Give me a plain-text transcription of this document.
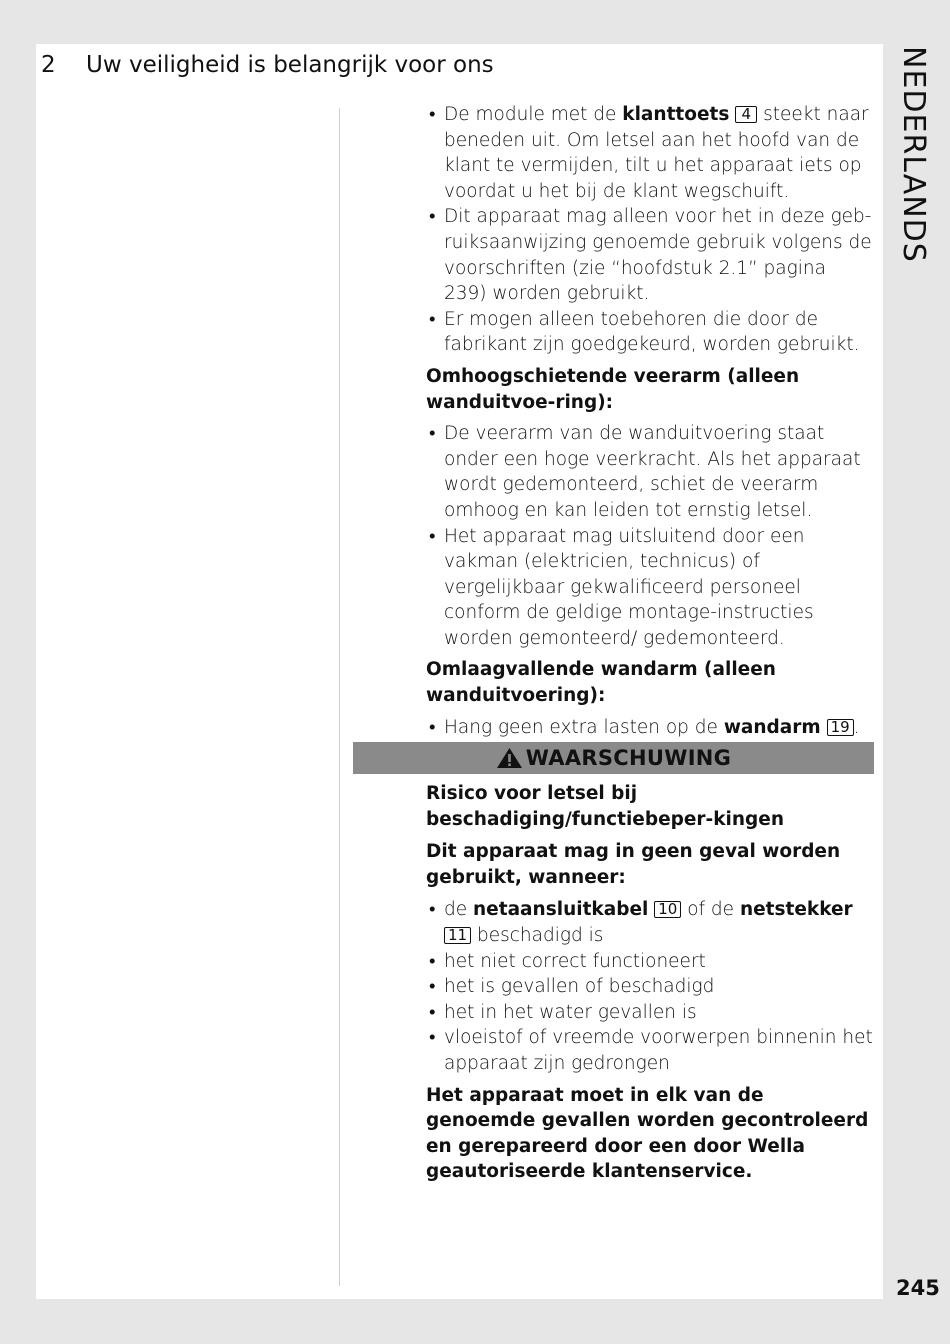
2 Uw veiligheid is belangrijk voor ons	NEDERLANDS
245
• De module met de klanttoets 4 steekt naar beneden uit. Om letsel aan het hoofd van de klant te vermijden, tilt u het apparaat iets op voordat u het bij de klant wegschuift.
• Dit apparaat mag alleen voor het in deze geb-ruiksaanwijzing genoemde gebruik volgens de voorschriften (zie “hoofdstuk 2.1” pagina 239) worden gebruikt.
• Er mogen alleen toebehoren die door de fabrikant zijn goedgekeurd, worden gebruikt.
Omhoogschietende veerarm (alleen wanduitvoe-ring):
• De veerarm van de wanduitvoering staat onder een hoge veerkracht. Als het apparaat wordt gedemonteerd, schiet de veerarm omhoog en kan leiden tot ernstig letsel.
• Het apparaat mag uitsluitend door een vakman (elektricien, technicus) of vergelijkbaar gekwalificeerd personeel conform de geldige montage-instructies worden gemonteerd/ gedemonteerd.
Omlaagvallende wandarm (alleen wanduitvoering):
• Hang geen extra lasten op de wandarm 19 .
WAARSCHUWING
Risico voor letsel bij beschadiging/functiebeper-kingen
Dit apparaat mag in geen geval worden gebruikt, wanneer:
• de netaansluitkabel 10 of de netstekker 11 beschadigd is
• het niet correct functioneert
• het is gevallen of beschadigd
• het in het water gevallen is
• vloeistof of vreemde voorwerpen binnenin het apparaat zijn gedrongen
Het apparaat moet in elk van de genoemde gevallen worden gecontroleerd en gerepareerd door een door Wella geautoriseerde klantenservice.
